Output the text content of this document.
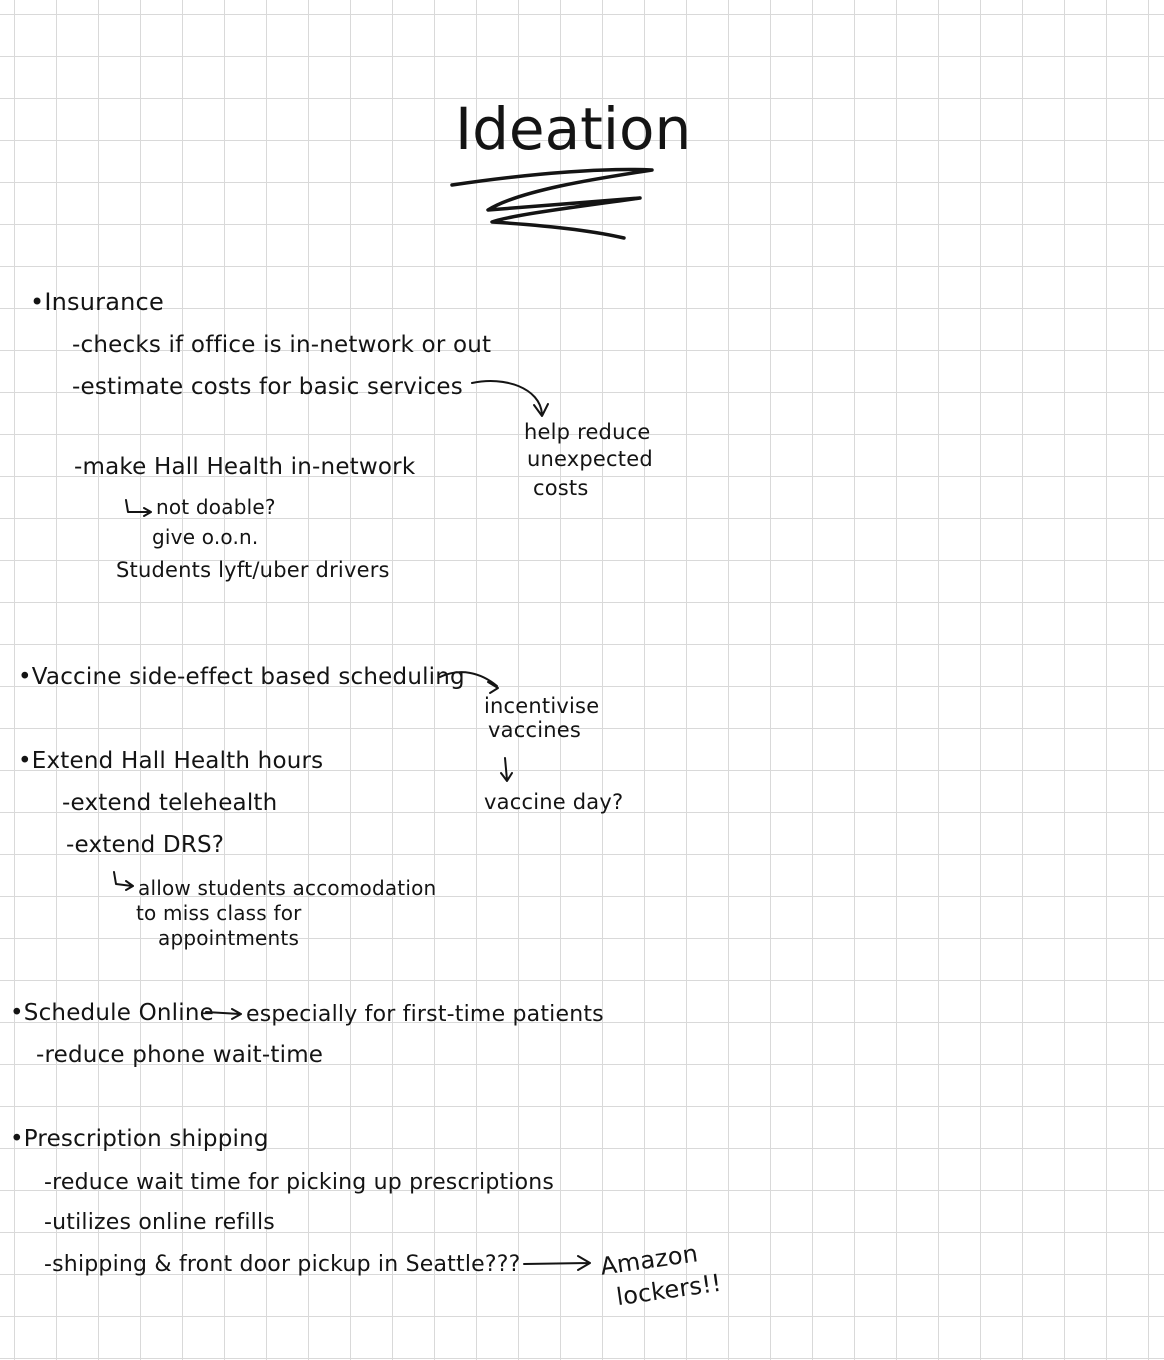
Ideation
•Insurance
-checks if office is in-network or out
-estimate costs for basic services
-make Hall Health in-network
not doable?
give o.o.n.
Students lyft/uber drivers
help reduce
unexpected
costs
•Vaccine side-effect based scheduling
incentivise
vaccines
vaccine day?
•Extend Hall Health hours
-extend telehealth
-extend DRS?
allow students accomodation
to miss class for
appointments
•Schedule Online especially for first-time patients
-reduce phone wait-time
•Prescription shipping
-reduce wait time for picking up prescriptions
-utilizes online refills
-shipping & front door pickup in Seattle???	Amazon
lockers!!
